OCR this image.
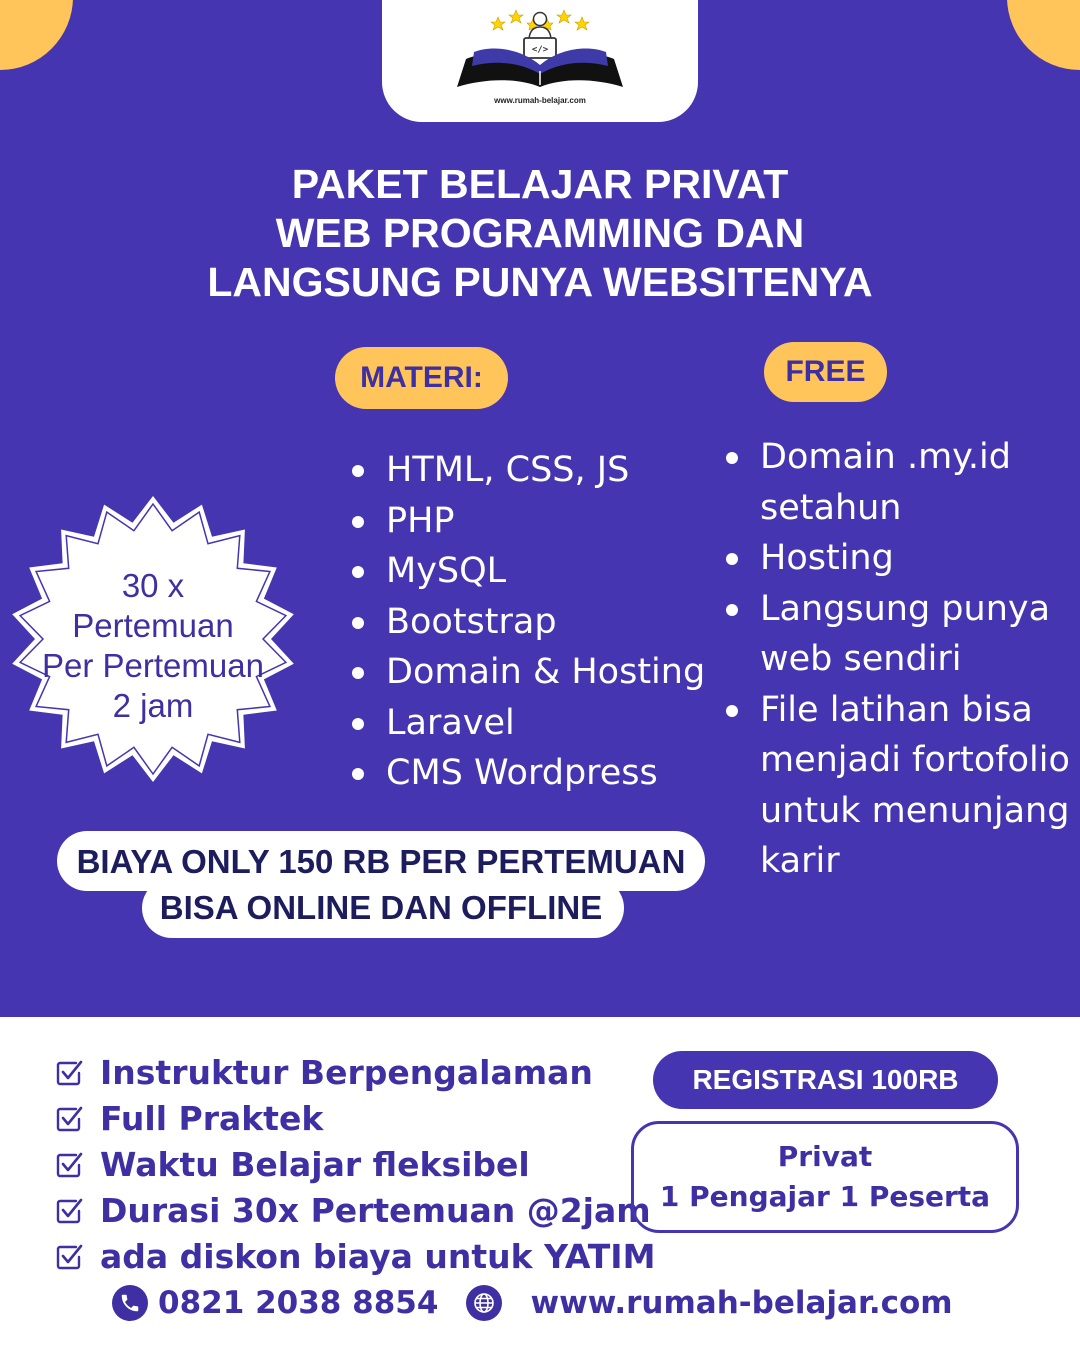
</>
www.rumah-belajar.com
PAKET BELAJAR PRIVAT
WEB PROGRAMMING DAN
LANGSUNG PUNYA WEBSITENYA
MATERI:	FREE
HTML, CSS, JS
PHP
MySQL
Bootstrap
Domain & Hosting
Laravel
CMS Wordpress
Domain .my.id setahun
Hosting
Langsung punya web sendiri
File latihan bisa menjadi fortofolio untuk menunjang karir
30 x
Pertemuan
Per Pertemuan
2 jam
BIAYA ONLY 150 RB PER PERTEMUAN
BISA ONLINE DAN OFFLINE
Instruktur Berpengalaman
Full Praktek
Waktu Belajar fleksibel
Durasi 30x Pertemuan @2jam
ada diskon biaya untuk YATIM
REGISTRASI 100RB
Privat
1 Pengajar 1 Peserta
0821 2038 8854	www.rumah-belajar.com
